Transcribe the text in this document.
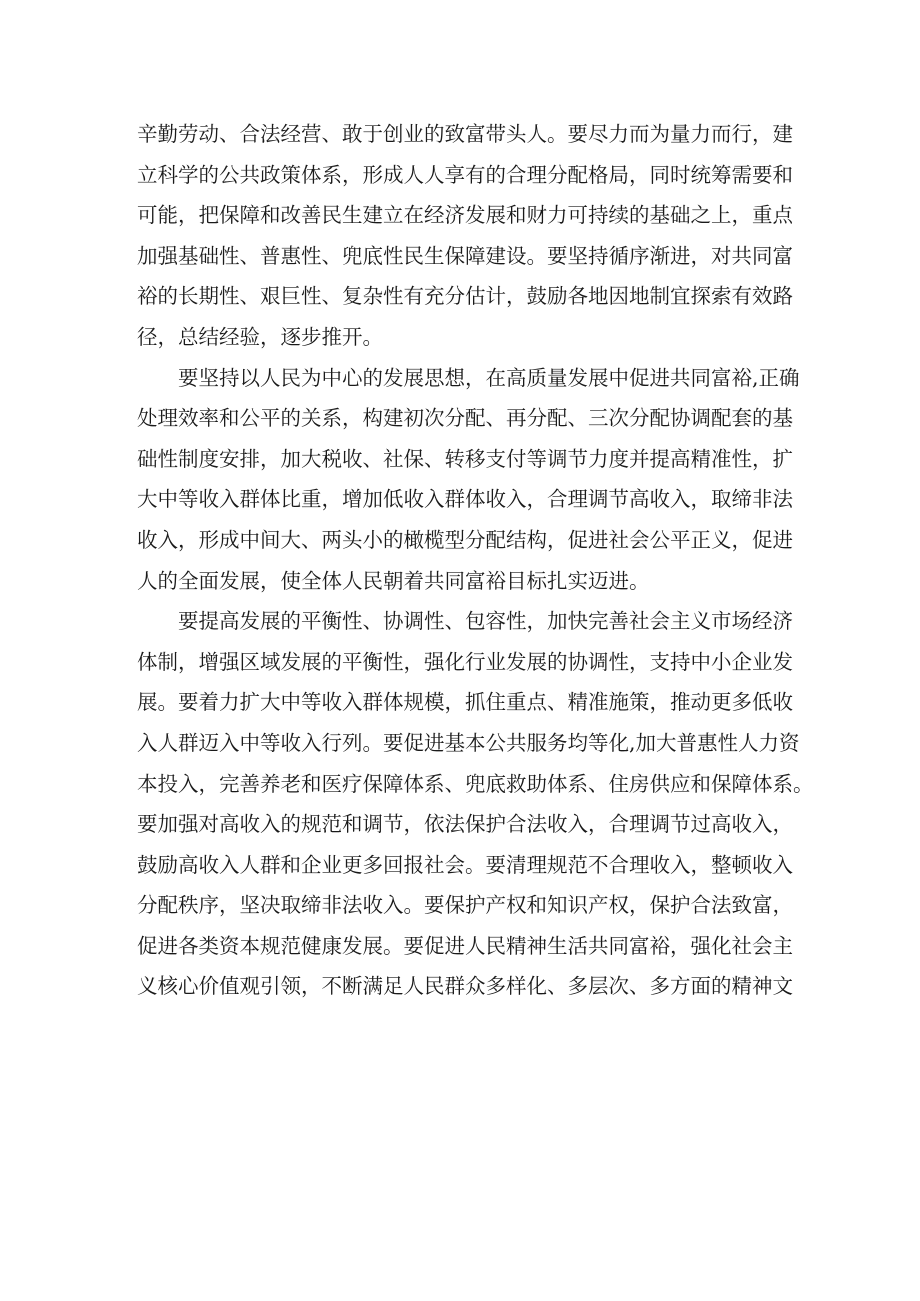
辛勤劳动、合法经营、敢于创业的致富带头人。要尽力而为量力而行，建
立科学的公共政策体系，形成人人享有的合理分配格局，同时统筹需要和
可能，把保障和改善民生建立在经济发展和财力可持续的基础之上，重点
加强基础性、普惠性、兜底性民生保障建设。要坚持循序渐进，对共同富
裕的长期性、艰巨性、复杂性有充分估计，鼓励各地因地制宜探索有效路
径，总结经验，逐步推开。
要坚持以人民为中心的发展思想，在高质量发展中促进共同富裕,正确
处理效率和公平的关系，构建初次分配、再分配、三次分配协调配套的基
础性制度安排，加大税收、社保、转移支付等调节力度并提高精准性，扩
大中等收入群体比重，增加低收入群体收入，合理调节高收入，取缔非法
收入，形成中间大、两头小的橄榄型分配结构，促进社会公平正义，促进
人的全面发展，使全体人民朝着共同富裕目标扎实迈进。
要提高发展的平衡性、协调性、包容性，加快完善社会主义市场经济
体制，增强区域发展的平衡性，强化行业发展的协调性，支持中小企业发
展。要着力扩大中等收入群体规模，抓住重点、精准施策，推动更多低收
入人群迈入中等收入行列。要促进基本公共服务均等化,加大普惠性人力资
本投入，完善养老和医疗保障体系、兜底救助体系、住房供应和保障体系。
要加强对高收入的规范和调节，依法保护合法收入，合理调节过高收入，
鼓励高收入人群和企业更多回报社会。要清理规范不合理收入，整顿收入
分配秩序，坚决取缔非法收入。要保护产权和知识产权，保护合法致富，
促进各类资本规范健康发展。要促进人民精神生活共同富裕，强化社会主
义核心价值观引领，不断满足人民群众多样化、多层次、多方面的精神文
